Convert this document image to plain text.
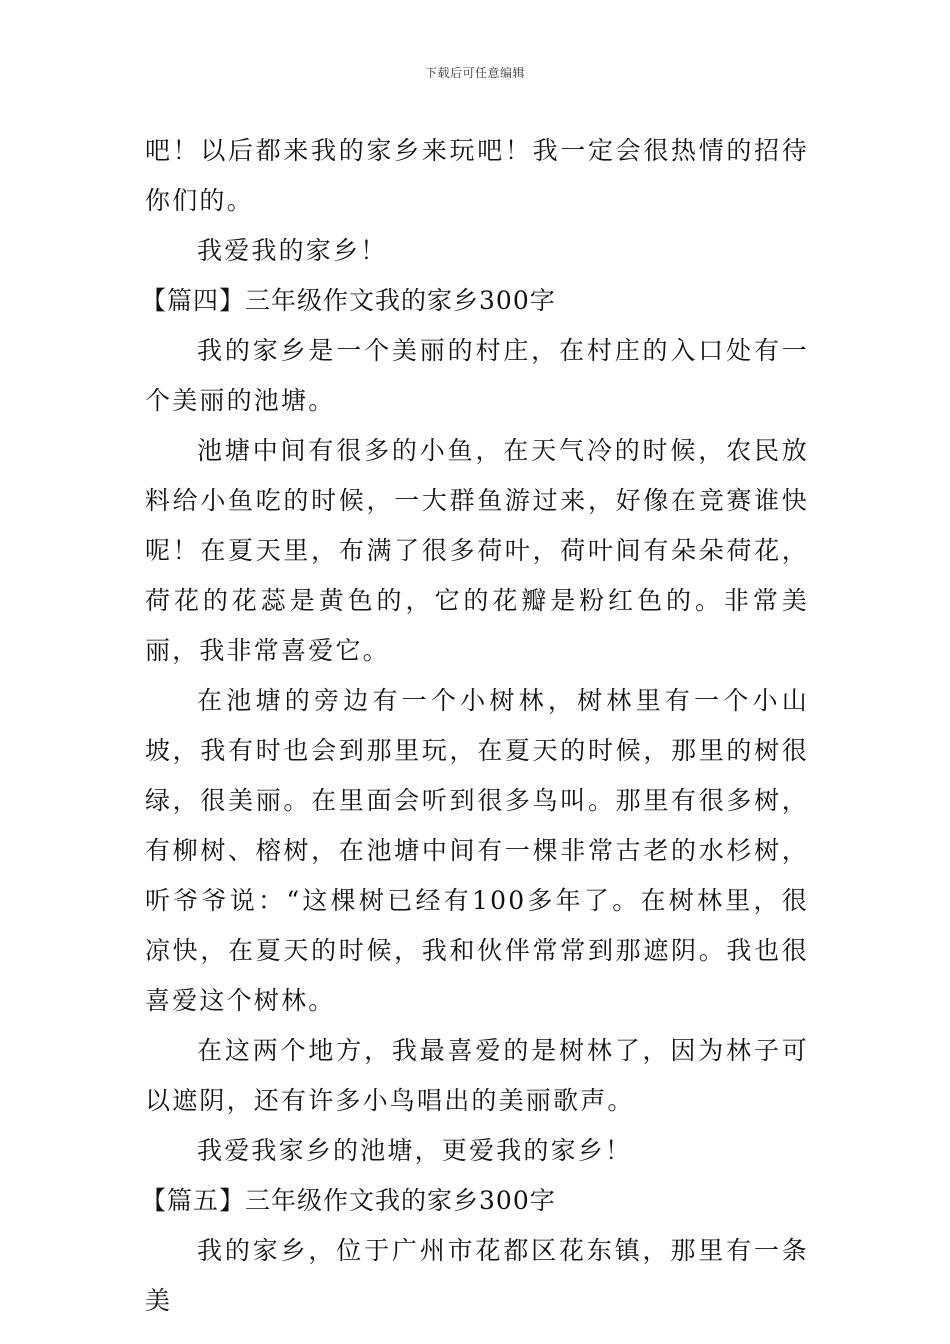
下载后可任意编辑

吧！以后都来我的家乡来玩吧！我一定会很热情的招待你们的。

我爱我的家乡！

【篇四】三年级作文我的家乡300字

我的家乡是一个美丽的村庄，在村庄的入口处有一个美丽的池塘。

池塘中间有很多的小鱼，在天气冷的时候，农民放料给小鱼吃的时候，一大群鱼游过来，好像在竞赛谁快呢！在夏天里，布满了很多荷叶，荷叶间有朵朵荷花，荷花的花蕊是黄色的，它的花瓣是粉红色的。非常美丽，我非常喜爱它。

在池塘的旁边有一个小树林，树林里有一个小山坡，我有时也会到那里玩，在夏天的时候，那里的树很绿，很美丽。在里面会听到很多鸟叫。那里有很多树，有柳树、榕树，在池塘中间有一棵非常古老的水杉树，听爷爷说：“这棵树已经有100多年了。在树林里，很凉快，在夏天的时候，我和伙伴常常到那遮阴。我也很喜爱这个树林。

在这两个地方，我最喜爱的是树林了，因为林子可以遮阴，还有许多小鸟唱出的美丽歌声。

我爱我家乡的池塘，更爱我的家乡！

【篇五】三年级作文我的家乡300字

我的家乡，位于广州市花都区花东镇，那里有一条美
